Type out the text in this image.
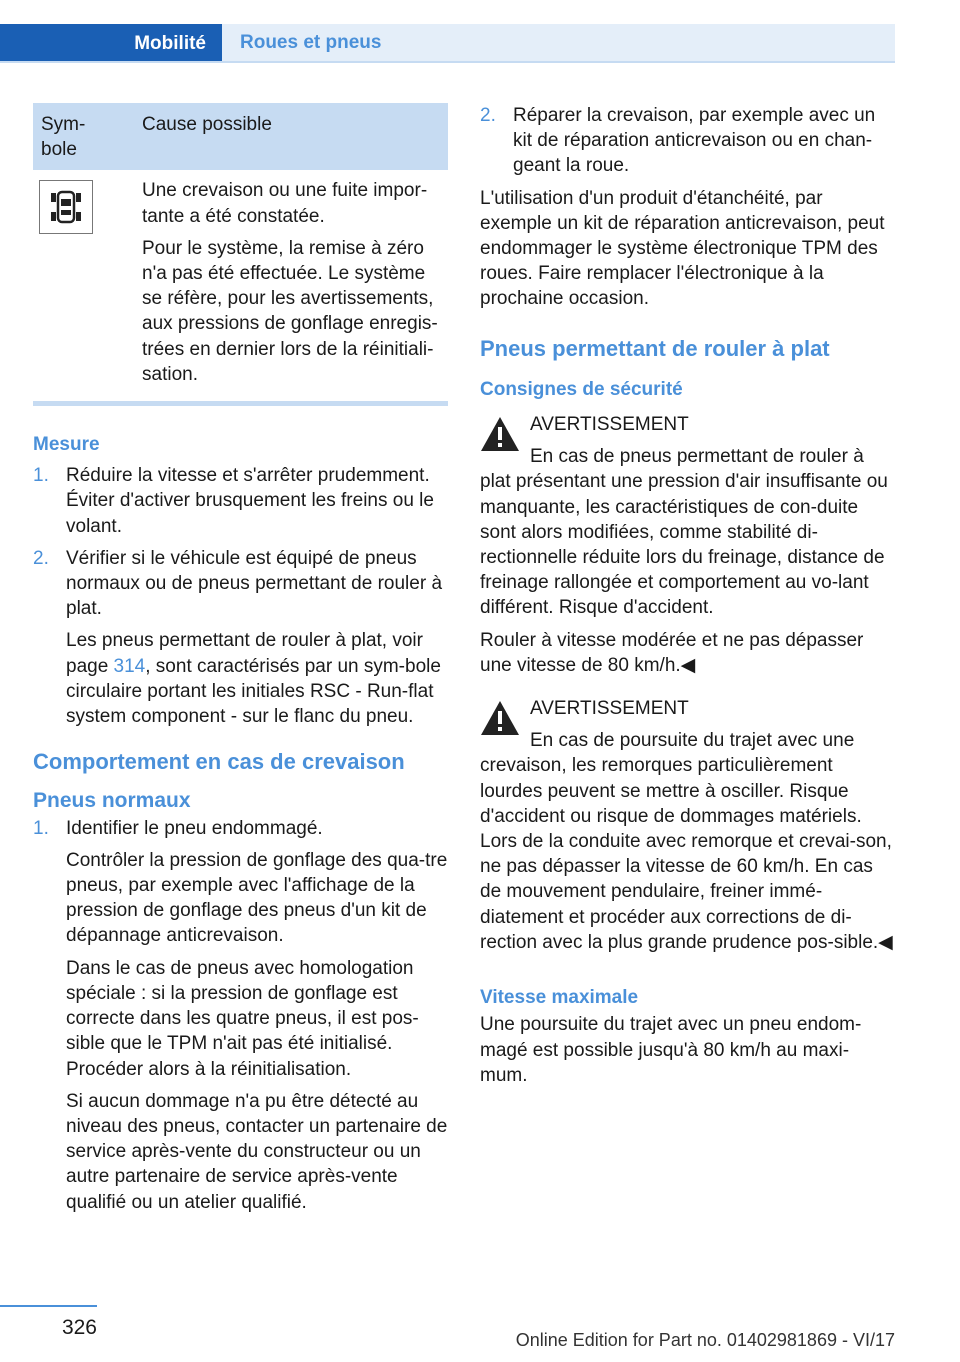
Mobilité	Roues et pneus
Sym-
bole	Cause possible

Une crevaison ou une fuite impor-tante a été constatée.

Pour le système, la remise à zéro n'a pas été effectuée. Le système se réfère, pour les avertissements, aux pressions de gonflage enregis-trées en dernier lors de la réinitiali-sation.

Mesure

1. Réduire la vitesse et s'arrêter prudemment. Éviter d'activer brusquement les freins ou le volant.

2. Vérifier si le véhicule est équipé de pneus normaux ou de pneus permettant de rouler à plat.

Les pneus permettant de rouler à plat, voir page 314, sont caractérisés par un sym-bole circulaire portant les initiales RSC - Run-flat system component - sur le flanc du pneu.

Comportement en cas de crevaison

Pneus normaux

1. Identifier le pneu endommagé.

Contrôler la pression de gonflage des qua-tre pneus, par exemple avec l'affichage de la pression de gonflage des pneus d'un kit de dépannage anticrevaison.

Dans le cas de pneus avec homologation spéciale : si la pression de gonflage est correcte dans les quatre pneus, il est pos-sible que le TPM n'ait pas été initialisé. Procéder alors à la réinitialisation.

Si aucun dommage n'a pu être détecté au niveau des pneus, contacter un partenaire de service après-vente du constructeur ou un autre partenaire de service après-vente qualifié ou un atelier qualifié.

2. Réparer la crevaison, par exemple avec un kit de réparation anticrevaison ou en chan-geant la roue.

L'utilisation d'un produit d'étanchéité, par exemple un kit de réparation anticrevaison, peut endommager le système électronique TPM des roues. Faire remplacer l'électronique à la prochaine occasion.

Pneus permettant de rouler à plat

Consignes de sécurité

AVERTISSEMENT

En cas de pneus permettant de rouler à plat présentant une pression d'air insuffisante ou manquante, les caractéristiques de con-duite sont alors modifiées, comme stabilité di-rectionnelle réduite lors du freinage, distance de freinage rallongée et comportement au vo-lant différent. Risque d'accident.

Rouler à vitesse modérée et ne pas dépasser une vitesse de 80 km/h.◀

AVERTISSEMENT

En cas de poursuite du trajet avec une crevaison, les remorques particulièrement lourdes peuvent se mettre à osciller. Risque d'accident ou risque de dommages matériels. Lors de la conduite avec remorque et crevai-son, ne pas dépasser la vitesse de 60 km/h. En cas de mouvement pendulaire, freiner immé-diatement et procéder aux corrections de di-rection avec la plus grande prudence pos-sible.◀

Vitesse maximale

Une poursuite du trajet avec un pneu endom-magé est possible jusqu'à 80 km/h au maxi-mum.

326
Online Edition for Part no. 01402981869 - VI/17
